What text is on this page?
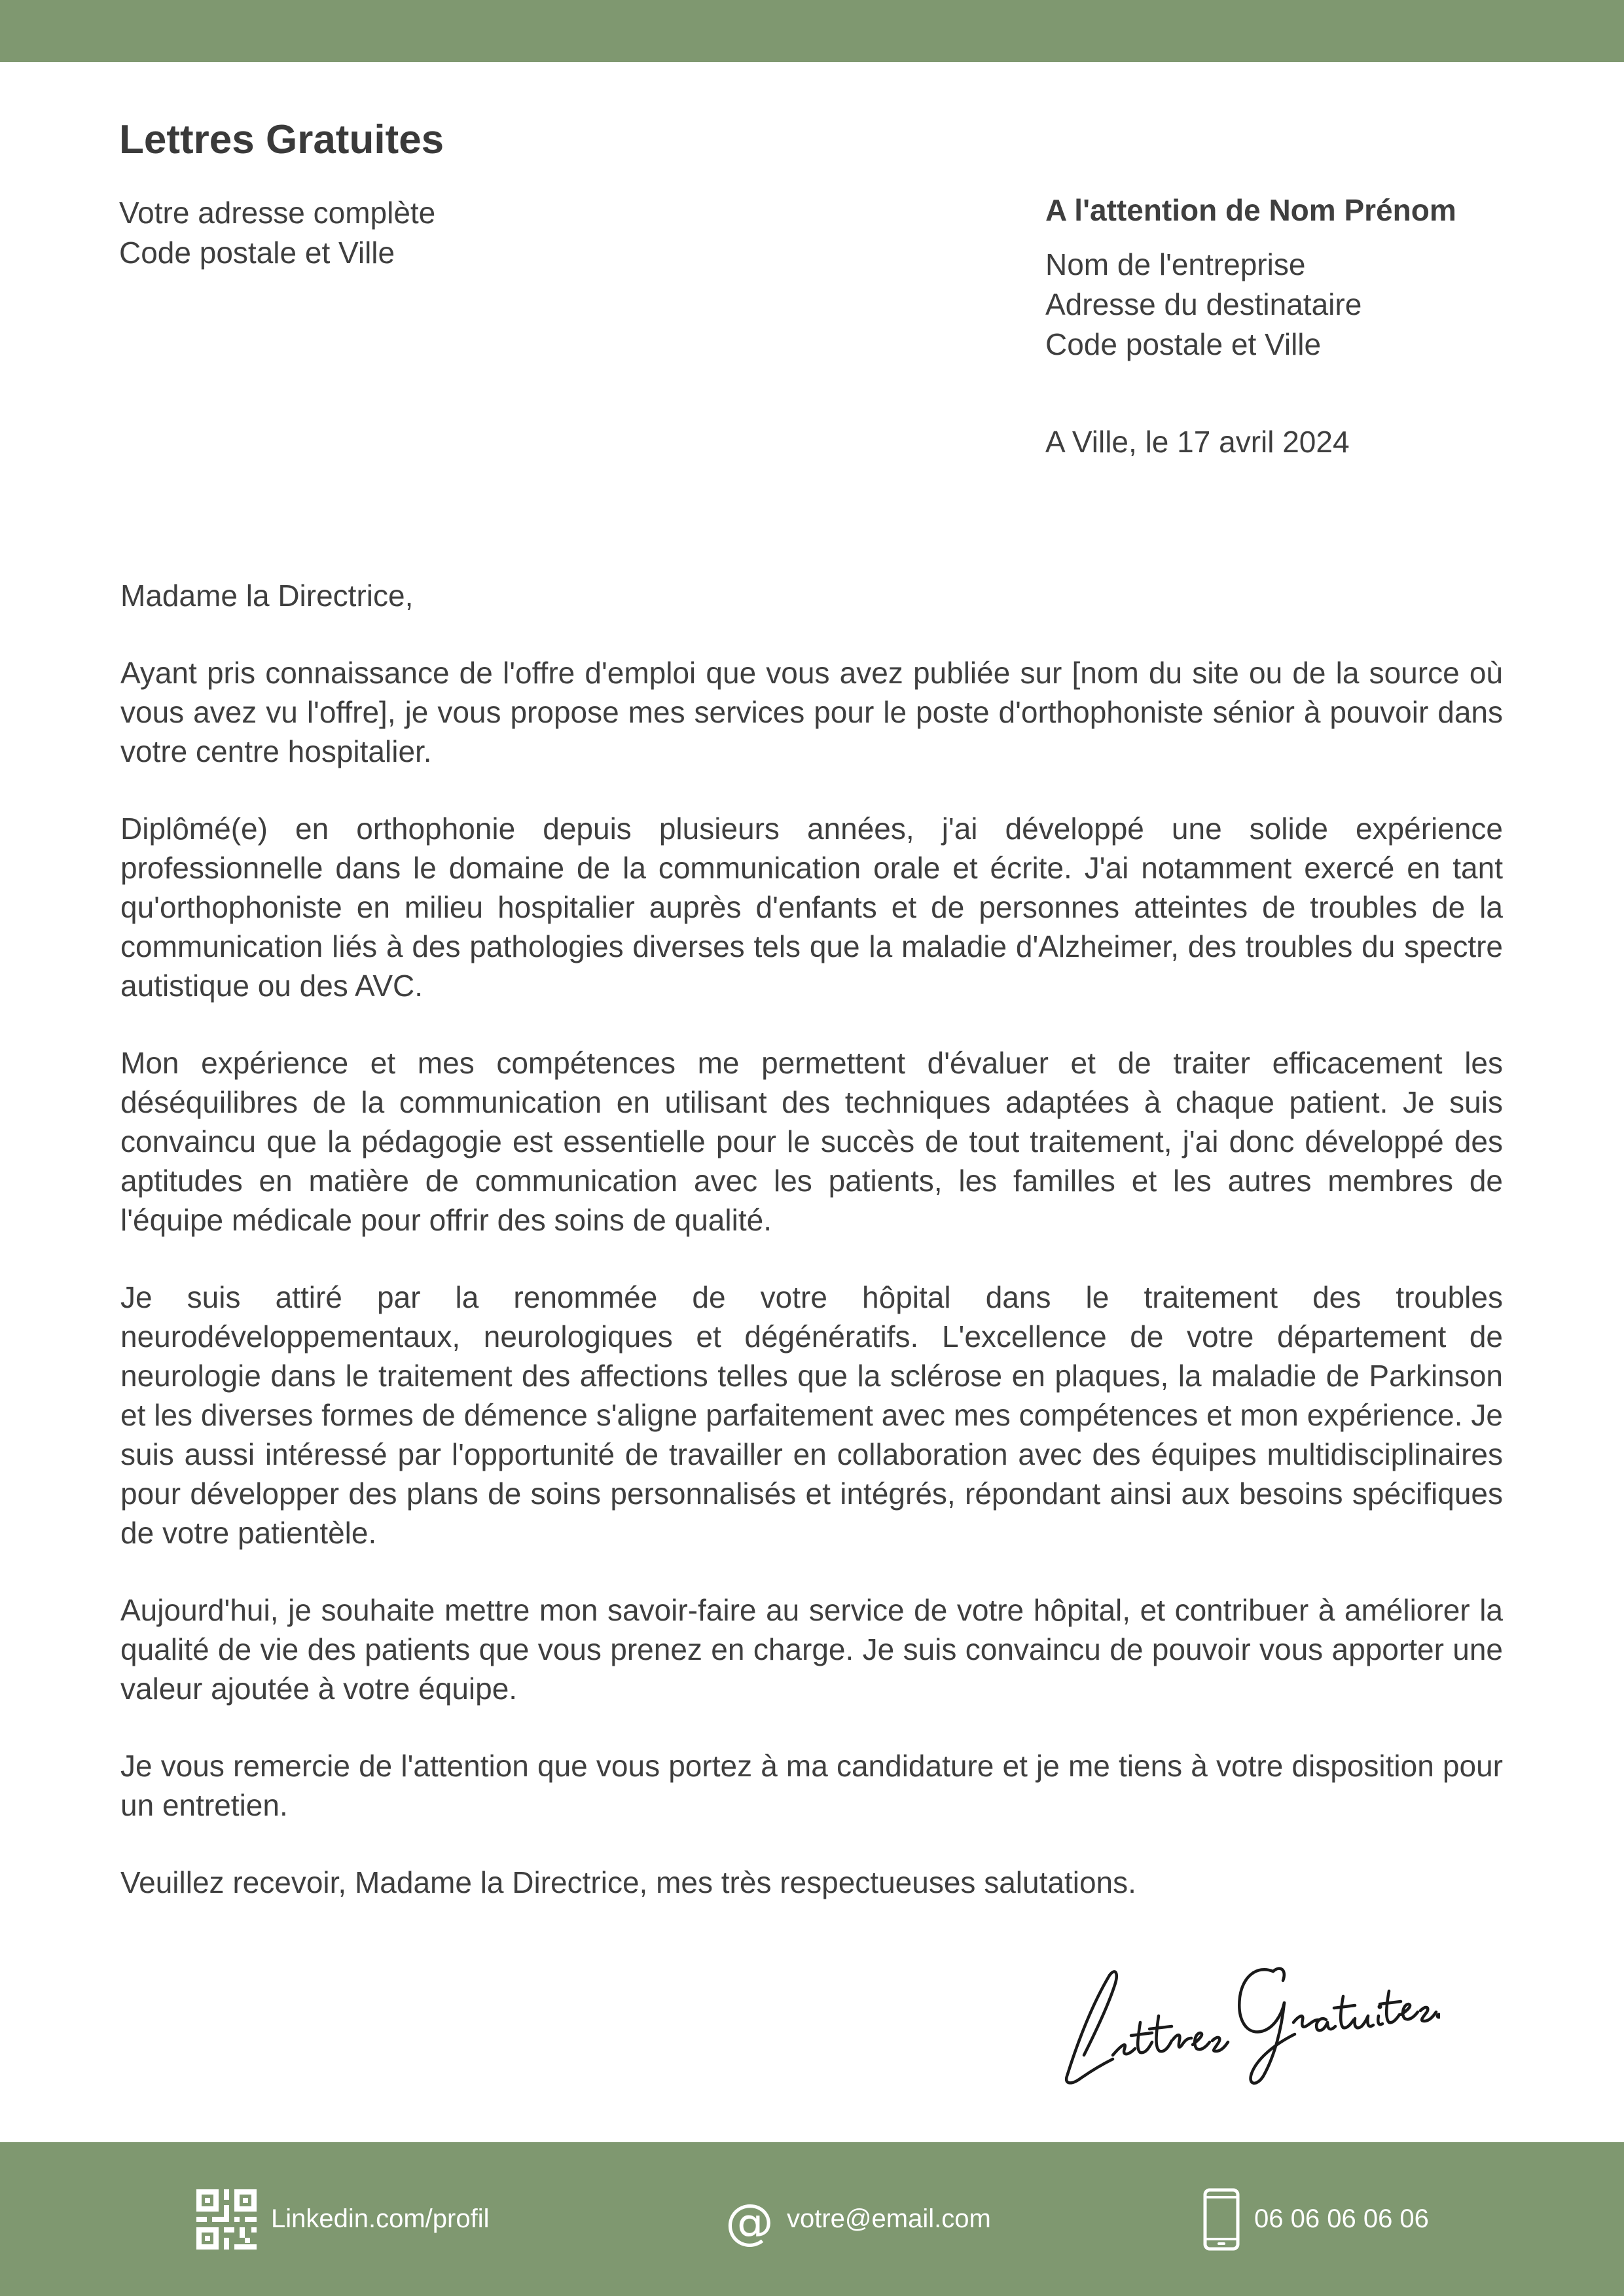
Lettres Gratuites
Votre adresse complète
Code postale et Ville
A l'attention de Nom Prénom
Nom de l'entreprise
Adresse du destinataire
Code postale et Ville
A Ville, le 17 avril 2024

Madame la Directrice,

Ayant pris connaissance de l'offre d'emploi que vous avez publiée sur [nom du site ou de la source où vous avez vu l'offre], je vous propose mes services pour le poste d'orthophoniste sénior à pouvoir dans votre centre hospitalier.

Diplômé(e) en orthophonie depuis plusieurs années, j'ai développé une solide expérience professionnelle dans le domaine de la communication orale et écrite. J'ai notamment exercé en tant qu'orthophoniste en milieu hospitalier auprès d'enfants et de personnes atteintes de troubles de la communication liés à des pathologies diverses tels que la maladie d'Alzheimer, des troubles du spectre autistique ou des AVC.

Mon expérience et mes compétences me permettent d'évaluer et de traiter efficacement les déséquilibres de la communication en utilisant des techniques adaptées à chaque patient. Je suis convaincu que la pédagogie est essentielle pour le succès de tout traitement, j'ai donc développé des aptitudes en matière de communication avec les patients, les familles et les autres membres de l'équipe médicale pour offrir des soins de qualité.

Je suis attiré par la renommée de votre hôpital dans le traitement des troubles neurodéveloppementaux, neurologiques et dégénératifs. L'excellence de votre département de neurologie dans le traitement des affections telles que la sclérose en plaques, la maladie de Parkinson et les diverses formes de démence s'aligne parfaitement avec mes compétences et mon expérience. Je suis aussi intéressé par l'opportunité de travailler en collaboration avec des équipes multidisciplinaires pour développer des plans de soins personnalisés et intégrés, répondant ainsi aux besoins spécifiques de votre patientèle.

Aujourd'hui, je souhaite mettre mon savoir-faire au service de votre hôpital, et contribuer à améliorer la qualité de vie des patients que vous prenez en charge. Je suis convaincu de pouvoir vous apporter une valeur ajoutée à votre équipe.

Je vous remercie de l'attention que vous portez à ma candidature et je me tiens à votre disposition pour un entretien.

Veuillez recevoir, Madame la Directrice, mes très respectueuses salutations.

Linkedin.com/profil	@ votre@email.com	06 06 06 06 06
